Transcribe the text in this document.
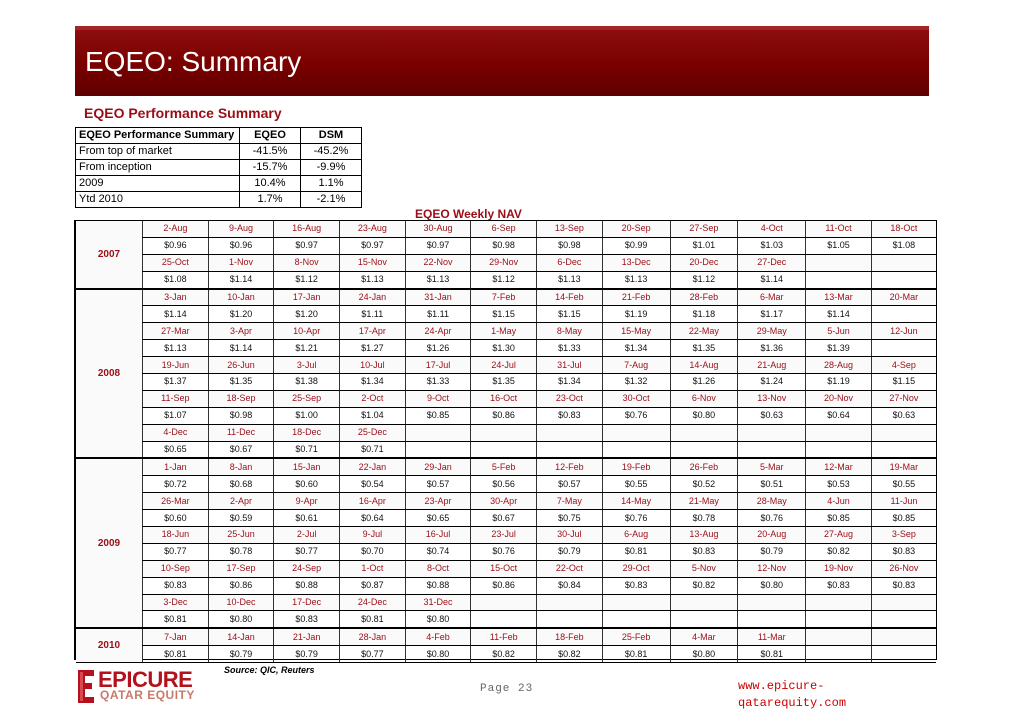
EQEO: Summary
EQEO Performance Summary
EQEO Performance Summary	EQEO	DSM
From top of market	-41.5%	-45.2%
From inception	-15.7%	-9.9%
2009	10.4%	1.1%
Ytd 2010	1.7%	-2.1%
EQEO Weekly NAV
2007	2-Aug	9-Aug	16-Aug	23-Aug	30-Aug	6-Sep	13-Sep	20-Sep	27-Sep	4-Oct	11-Oct	18-Oct
	$0.96	$0.96	$0.97	$0.97	$0.97	$0.98	$0.98	$0.99	$1.01	$1.03	$1.05	$1.08
	25-Oct	1-Nov	8-Nov	15-Nov	22-Nov	29-Nov	6-Dec	13-Dec	20-Dec	27-Dec		
	$1.08	$1.14	$1.12	$1.13	$1.13	$1.12	$1.13	$1.13	$1.12	$1.14		
2008	3-Jan	10-Jan	17-Jan	24-Jan	31-Jan	7-Feb	14-Feb	21-Feb	28-Feb	6-Mar	13-Mar	20-Mar
	$1.14	$1.20	$1.20	$1.11	$1.11	$1.15	$1.15	$1.19	$1.18	$1.17	$1.14	
	27-Mar	3-Apr	10-Apr	17-Apr	24-Apr	1-May	8-May	15-May	22-May	29-May	5-Jun	12-Jun
	$1.13	$1.14	$1.21	$1.27	$1.26	$1.30	$1.33	$1.34	$1.35	$1.36	$1.39	
	19-Jun	26-Jun	3-Jul	10-Jul	17-Jul	24-Jul	31-Jul	7-Aug	14-Aug	21-Aug	28-Aug	4-Sep
	$1.37	$1.35	$1.38	$1.34	$1.33	$1.35	$1.34	$1.32	$1.26	$1.24	$1.19	$1.15
	11-Sep	18-Sep	25-Sep	2-Oct	9-Oct	16-Oct	23-Oct	30-Oct	6-Nov	13-Nov	20-Nov	27-Nov
	$1.07	$0.98	$1.00	$1.04	$0.85	$0.86	$0.83	$0.76	$0.80	$0.63	$0.64	$0.63
	4-Dec	11-Dec	18-Dec	25-Dec								
	$0.65	$0.67	$0.71	$0.71								
2009	1-Jan	8-Jan	15-Jan	22-Jan	29-Jan	5-Feb	12-Feb	19-Feb	26-Feb	5-Mar	12-Mar	19-Mar
	$0.72	$0.68	$0.60	$0.54	$0.57	$0.56	$0.57	$0.55	$0.52	$0.51	$0.53	$0.55
	26-Mar	2-Apr	9-Apr	16-Apr	23-Apr	30-Apr	7-May	14-May	21-May	28-May	4-Jun	11-Jun
	$0.60	$0.59	$0.61	$0.64	$0.65	$0.67	$0.75	$0.76	$0.78	$0.76	$0.85	$0.85
	18-Jun	25-Jun	2-Jul	9-Jul	16-Jul	23-Jul	30-Jul	6-Aug	13-Aug	20-Aug	27-Aug	3-Sep
	$0.77	$0.78	$0.77	$0.70	$0.74	$0.76	$0.79	$0.81	$0.83	$0.79	$0.82	$0.83
	10-Sep	17-Sep	24-Sep	1-Oct	8-Oct	15-Oct	22-Oct	29-Oct	5-Nov	12-Nov	19-Nov	26-Nov
	$0.83	$0.86	$0.88	$0.87	$0.88	$0.86	$0.84	$0.83	$0.82	$0.80	$0.83	$0.83
	3-Dec	10-Dec	17-Dec	24-Dec	31-Dec							
	$0.81	$0.80	$0.83	$0.81	$0.80							
2010	7-Jan	14-Jan	21-Jan	28-Jan	4-Feb	11-Feb	18-Feb	25-Feb	4-Mar	11-Mar		
	$0.81	$0.79	$0.79	$0.77	$0.80	$0.82	$0.82	$0.81	$0.80	$0.81		
EPICURE
QATAR EQUITY
Source: QIC, Reuters
Page 23	www.epicure-
qatarequity.com
